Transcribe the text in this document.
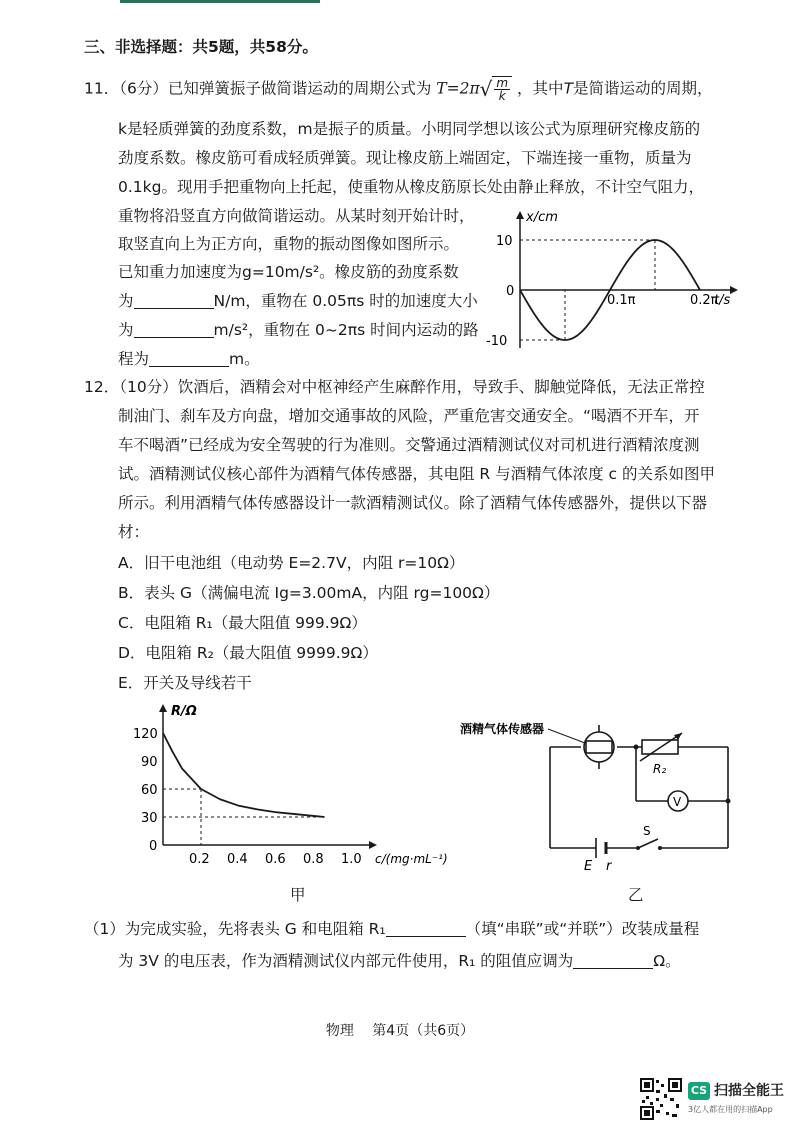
三、非选择题：共5题，共58分。
11．（6分）已知弹簧振子做简谐运动的周期公式为 $T=2\pi√ \frac{m}{k}$ ，其中T是简谐运动的周期，
k是轻质弹簧的劲度系数，m是振子的质量。小明同学想以该公式为原理研究橡皮筋的
劲度系数。橡皮筋可看成轻质弹簧。现让橡皮筋上端固定，下端连接一重物，质量为
0.1kg。现用手把重物向上托起，使重物从橡皮筋原长处由静止释放，不计空气阻力，
重物将沿竖直方向做简谐运动。从某时刻开始计时，
取竖直向上为正方向，重物的振动图像如图所示。
已知重力加速度为g=10m/s²。橡皮筋的劲度系数
为	N/m，重物在 0.05πs 时的加速度大小
为	m/s²，重物在 0~2πs 时间内运动的路
程为	m。
x/cm
t/s
10
0
-10
0.1π	0.2π
12．（10分）饮酒后，酒精会对中枢神经产生麻醉作用，导致手、脚触觉降低，无法正常控
制油门、刹车及方向盘，增加交通事故的风险，严重危害交通安全。“喝酒不开车，开
车不喝酒”已经成为安全驾驶的行为准则。交警通过酒精测试仪对司机进行酒精浓度测
试。酒精测试仪核心部件为酒精气体传感器，其电阻 R 与酒精气体浓度 c 的关系如图甲
所示。利用酒精气体传感器设计一款酒精测试仪。除了酒精气体传感器外，提供以下器
材：
A．旧干电池组（电动势 E=2.7V，内阻 r=10Ω）
B．表头 G（满偏电流 Ig=3.00mA，内阻 rg=100Ω）
C．电阻箱 R₁（最大阻值 999.9Ω）
D．电阻箱 R₂（最大阻值 9999.9Ω）
E．开关及导线若干
R/Ω
c/(mg·mL⁻¹)
120
90
60
30
0
0.2 0.4 0.6 0.8 1.0
酒精气体传感器
R₂
V
S
E r
甲	乙
（1）为完成实验，先将表头 G 和电阻箱 R₁	（填“串联”或“并联”）改装成量程
为 3V 的电压表，作为酒精测试仪内部元件使用，R₁ 的阻值应调为	Ω。
物理　 第4页（共6页）
CS 扫描全能王
3亿人都在用的扫描App
